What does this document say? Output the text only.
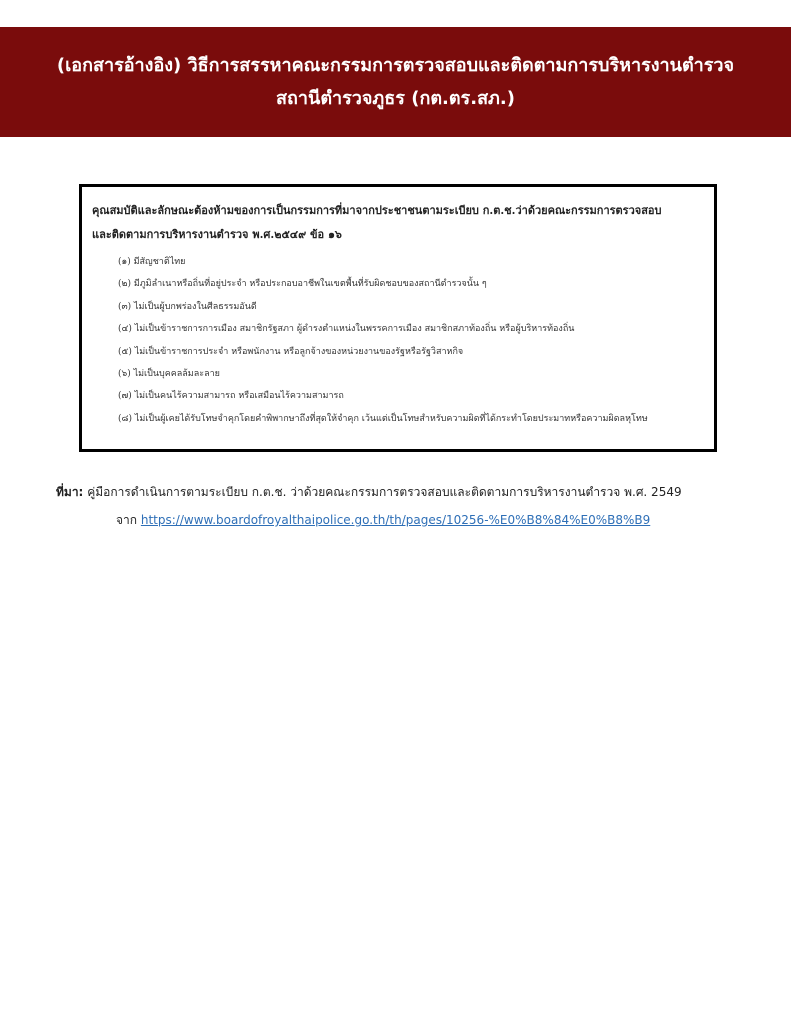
(เอกสารอ้างอิง) วิธีการสรรหาคณะกรรมการตรวจสอบและติดตามการบริหารงานตำรวจ
สถานีตำรวจภูธร (กต.ตร.สภ.)

คุณสมบัติและลักษณะต้องห้ามของการเป็นกรรมการที่มาจากประชาชนตามระเบียบ ก.ต.ช.ว่าด้วยคณะกรรมการตรวจสอบ

และติดตามการบริหารงานตำรวจ พ.ศ.๒๕๔๙ ข้อ ๑๖

(๑) มีสัญชาติไทย
(๒) มีภูมิลำเนาหรือถิ่นที่อยู่ประจำ หรือประกอบอาชีพในเขตพื้นที่รับผิดชอบของสถานีตำรวจนั้น ๆ
(๓) ไม่เป็นผู้บกพร่องในศีลธรรมอันดี
(๔) ไม่เป็นข้าราชการการเมือง สมาชิกรัฐสภา ผู้ดำรงตำแหน่งในพรรคการเมือง สมาชิกสภาท้องถิ่น หรือผู้บริหารท้องถิ่น
(๕) ไม่เป็นข้าราชการประจำ หรือพนักงาน หรือลูกจ้างของหน่วยงานของรัฐหรือรัฐวิสาหกิจ
(๖) ไม่เป็นบุคคลล้มละลาย
(๗) ไม่เป็นคนไร้ความสามารถ หรือเสมือนไร้ความสามารถ
(๘) ไม่เป็นผู้เคยได้รับโทษจำคุกโดยคำพิพากษาถึงที่สุดให้จำคุก เว้นแต่เป็นโทษสำหรับความผิดที่ได้กระทำโดยประมาทหรือความผิดลหุโทษ
ที่มา: คู่มือการดำเนินการตามระเบียบ ก.ต.ช. ว่าด้วยคณะกรรมการตรวจสอบและติดตามการบริหารงานตำรวจ พ.ศ. 2549
จาก https://www.boardofroyalthaipolice.go.th/th/pages/10256-%E0%B8%84%E0%B8%B9
